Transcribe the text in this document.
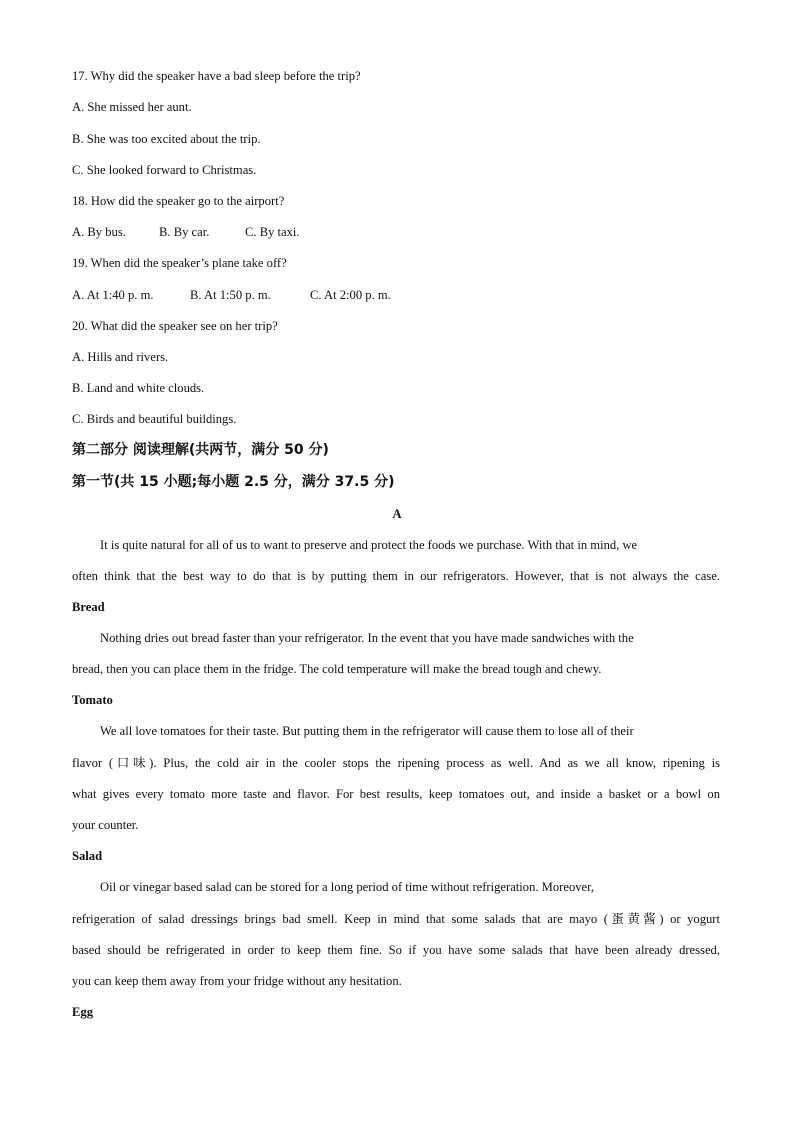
17. Why did the speaker have a bad sleep before the trip?
A. She missed her aunt.
B. She was too excited about the trip.
C. She looked forward to Christmas.
18. How did the speaker go to the airport?
A. By bus.	B. By car.	C. By taxi.
19. When did the speaker’s plane take off?
A. At 1:40 p. m.	B. At 1:50 p. m.	C. At 2:00 p. m.
20. What did the speaker see on her trip?
A. Hills and rivers.
B. Land and white clouds.
C. Birds and beautiful buildings.
第二部分 阅读理解(共两节，满分 50 分)
第一节(共 15 小题;每小题 2.5 分，满分 37.5 分)
A
It is quite natural for all of us to want to preserve and protect the foods we purchase. With that in mind, we
often think that the best way to do that is by putting them in our refrigerators. However, that is not always the case.
Bread
Nothing dries out bread faster than your refrigerator. In the event that you have made sandwiches with the
bread, then you can place them in the fridge. The cold temperature will make the bread tough and chewy.
Tomato
We all love tomatoes for their taste. But putting them in the refrigerator will cause them to lose all of their
flavor (口味). Plus, the cold air in the cooler stops the ripening process as well. And as we all know, ripening is
what gives every tomato more taste and flavor. For best results, keep tomatoes out, and inside a basket or a bowl on
your counter.
Salad
Oil or vinegar based salad can be stored for a long period of time without refrigeration. Moreover,
refrigeration of salad dressings brings bad smell. Keep in mind that some salads that are mayo (蛋黄酱) or yogurt
based should be refrigerated in order to keep them fine. So if you have some salads that have been already dressed,
you can keep them away from your fridge without any hesitation.
Egg
